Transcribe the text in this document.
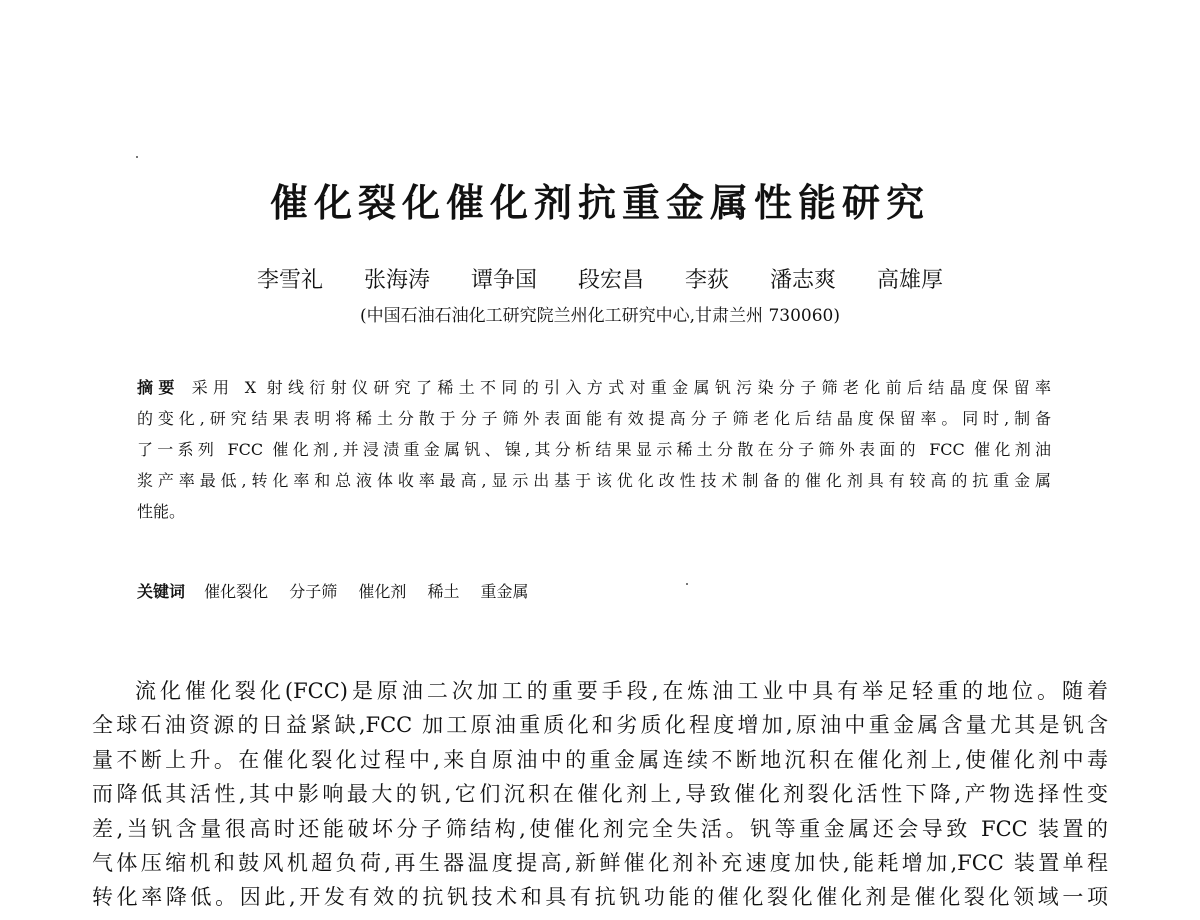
催化裂化催化剂抗重金属性能研究
李雪礼 张海涛 谭争国 段宏昌 李荻 潘志爽 高雄厚
(中国石油石油化工研究院兰州化工研究中心,甘肃兰州 730060)
摘要 采用 X 射线衍射仪研究了稀土不同的引入方式对重金属钒污染分子筛老化前后结晶度保留率
的变化,研究结果表明将稀土分散于分子筛外表面能有效提高分子筛老化后结晶度保留率。同时,制备
了一系列 FCC 催化剂,并浸渍重金属钒、镍,其分析结果显示稀土分散在分子筛外表面的 FCC 催化剂油
浆产率最低,转化率和总液体收率最高,显示出基于该优化改性技术制备的催化剂具有较高的抗重金属
性能。
关键词 催化裂化 分子筛 催化剂 稀土 重金属
流化催化裂化(FCC)是原油二次加工的重要手段,在炼油工业中具有举足轻重的地位。随着
全球石油资源的日益紧缺,FCC 加工原油重质化和劣质化程度增加,原油中重金属含量尤其是钒含
量不断上升。在催化裂化过程中,来自原油中的重金属连续不断地沉积在催化剂上,使催化剂中毒
而降低其活性,其中影响最大的钒,它们沉积在催化剂上,导致催化剂裂化活性下降,产物选择性变
差,当钒含量很高时还能破坏分子筛结构,使催化剂完全失活。钒等重金属还会导致 FCC 装置的
气体压缩机和鼓风机超负荷,再生器温度提高,新鲜催化剂补充速度加快,能耗增加,FCC 装置单程
转化率降低。因此,开发有效的抗钒技术和具有抗钒功能的催化裂化催化剂是催化裂化领域一项
